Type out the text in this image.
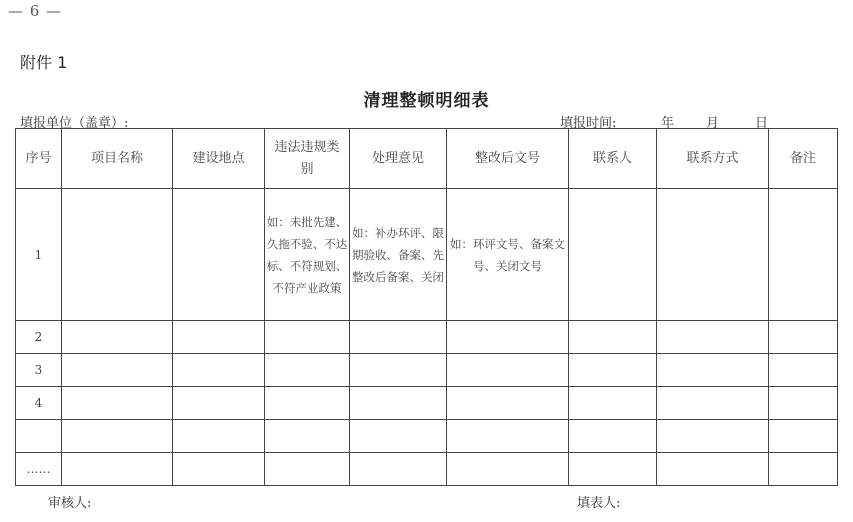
— 6 —
附件 1
清理整顿明细表
填报单位（盖章）:	填报时间:	年 月	日
序号	项目名称	建设地点	违法违规类别	处理意见	整改后文号	联系人	联系方式	备注
1			如：未批先建、久拖不验、不达标、不符规划、不符产业政策	如：补办环评、限期验收、备案、先整改后备案、关闭	如：环评文号、备案文号、关闭文号			
2								
3								
4								

……								
审核人:	填表人:
